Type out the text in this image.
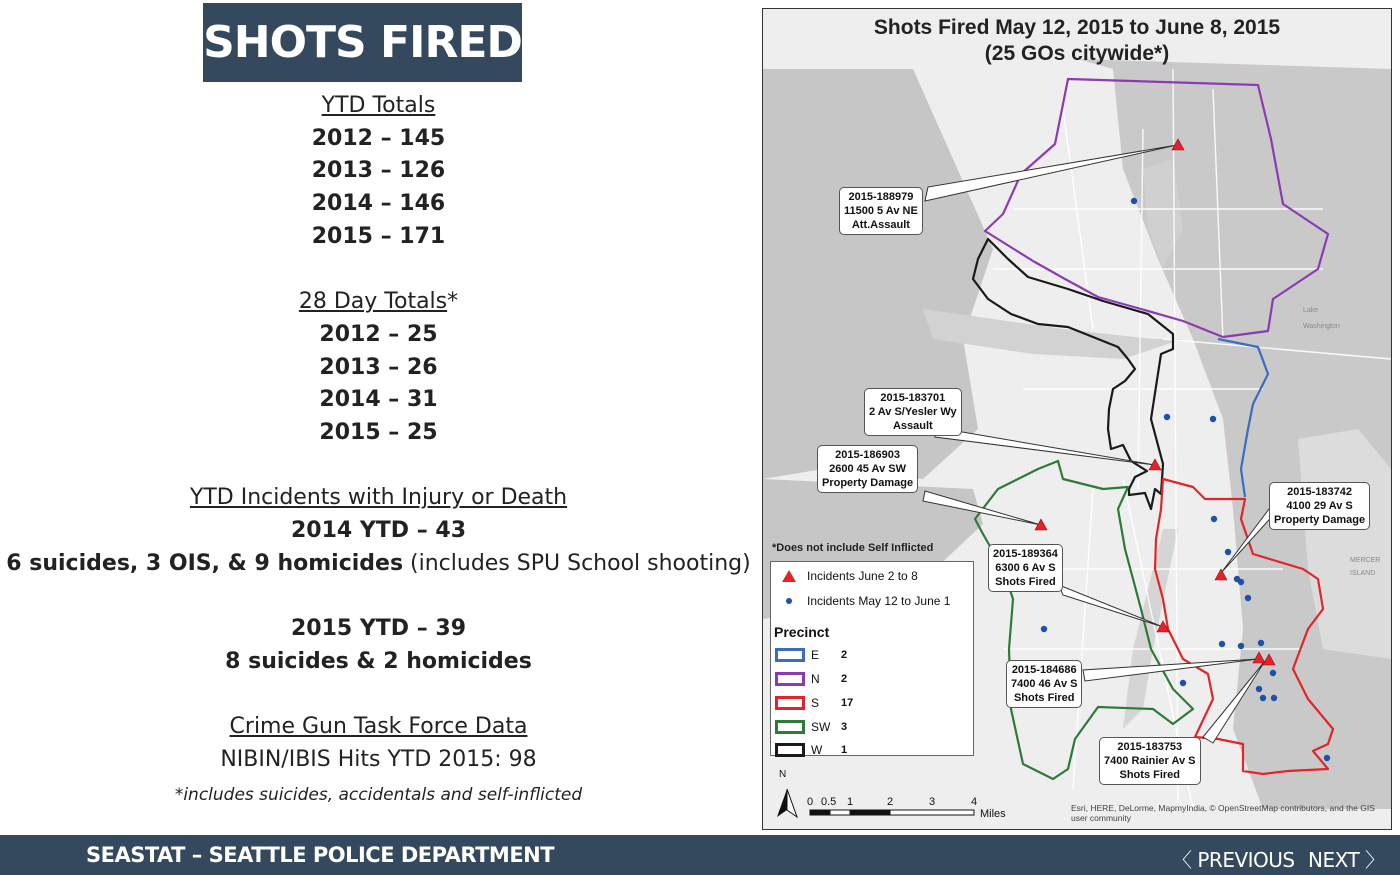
SHOTS FIRED
YTD Totals
2012 – 145
2013 – 126
2014 – 146
2015 – 171
28 Day Totals*
2012 – 25
2013 – 26
2014 – 31
2015 – 25
YTD Incidents with Injury or Death
2014 YTD – 43
6 suicides, 3 OIS, & 9 homicides (includes SPU School shooting)
2015 YTD – 39
8 suicides & 2 homicides
Crime Gun Task Force Data
NIBIN/IBIS Hits YTD 2015: 98
*includes suicides, accidentals and self-inflicted
Lake
Washington
MERCER
ISLAND
Shots Fired May 12, 2015 to June 8, 2015
(25 GOs citywide*)
2015-188979
11500 5 Av NE
Att.Assault
2015-183701
2 Av S/Yesler Wy
Assault
2015-186903
2600 45 Av SW
Property Damage
2015-183742
4100 29 Av S
Property Damage
2015-189364
6300 6 Av S
Shots Fired
2015-184686
7400 46 Av S
Shots Fired
2015-183753
7400 Rainier Av S
Shots Fired
*Does not include Self Inflicted
Incidents June 2 to 8
Incidents May 12 to June 1
Precinct
E	2
N	2
S	17
SW 3
W	1
N
0 0.5 1	2	3	4
Miles	Esri, HERE, DeLorme, MapmyIndia, © OpenStreetMap contributors, and the GIS user community
SEASTAT – SEATTLE POLICE DEPARTMENT	〈 PREVIOUS NEXT 〉
